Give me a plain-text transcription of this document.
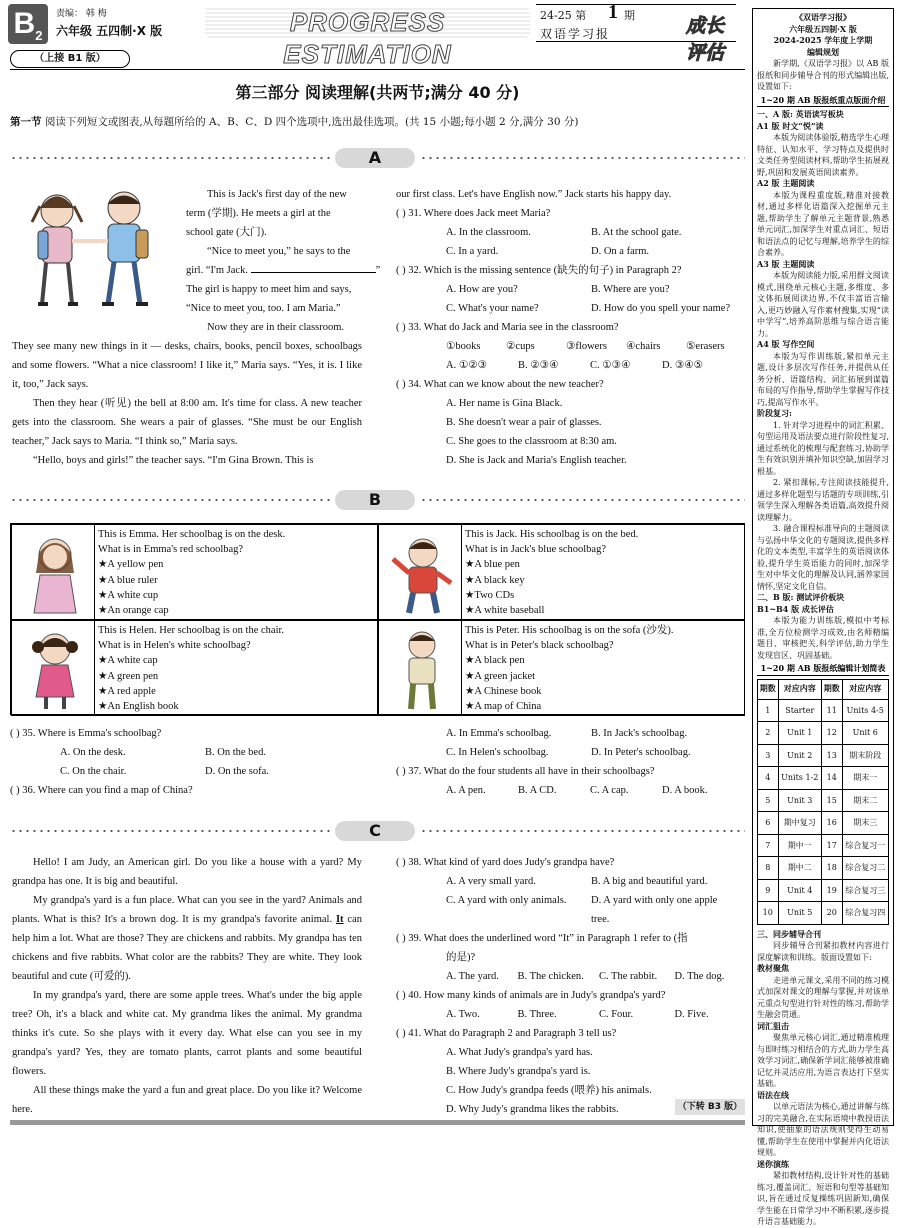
$B_2$
责编： 韩 梅
六年级 五四制·X 版	PROGRESS ESTIMATION
24-25 第 1 期
双语学习报	成长评估
（上接 B1 版）
第三部分 阅读理解(共两节;满分 40 分)
第一节 阅读下列短文或图表,从每题所给的 A、B、C、D 四个选项中,选出最佳选项。(共 15 小题;每小题 2 分,满分 30 分)
A
This is Jack's first day of the new
term (学期). He meets a girl at the
school gate (大门).
“Nice to meet you,” he says to the
girl. “I'm Jack.	”
The girl is happy to meet him and says,
“Nice to meet you, too. I am Maria.”
Now they are in their classroom.

They see many new things in it — desks, chairs, books, pencil boxes, schoolbags and some flowers. “What a nice classroom! I like it,” Maria says. “Yes, it is. I like it, too,” Jack says.

Then they hear (听见) the bell at 8:00 am. It's time for class. A new teacher gets into the classroom. She wears a pair of glasses. “She must be our English teacher,” Jack says to Maria. “I think so,” Maria says.

“Hello, boys and girls!” the teacher says. “I'm Gina Brown. This is

our first class. Let's have English now.” Jack starts his happy day.
( ) 31. Where does Jack meet Maria?
A. In the classroom.	B. At the school gate.
C. In a yard.	D. On a farm.
( ) 32. Which is the missing sentence (缺失的句子) in Paragraph 2?
A. How are you?	B. Where are you?
C. What's your name?	D. How do you spell your name?
( ) 33. What do Jack and Maria see in the classroom?
①books	②cups	③flowers	④chairs	⑤erasers
A. ①②③	B. ②③④	C. ①③④	D. ③④⑤
( ) 34. What can we know about the new teacher?
A. Her name is Gina Black.
B. She doesn't wear a pair of glasses.
C. She goes to the classroom at 8:30 am.
D. She is Jack and Maria's English teacher.
B
This is Emma. Her schoolbag is on the desk.
What is in Emma's red schoolbag?
★A yellow pen
★A blue ruler
★A white cup
★An orange cap
This is Jack. His schoolbag is on the bed.
What is in Jack's blue schoolbag?
★A blue pen
★A black key
★Two CDs
★A white baseball
This is Helen. Her schoolbag is on the chair.
What is in Helen's white schoolbag?
★A white cap
★A green pen
★A red apple
★An English book
This is Peter. His schoolbag is on the sofa (沙发).
What is in Peter's black schoolbag?
★A black pen
★A green jacket
★A Chinese book
★A map of China
( ) 35. Where is Emma's schoolbag?
A. On the desk.	B. On the bed.
C. On the chair.	D. On the sofa.
( ) 36. Where can you find a map of China?
A. In Emma's schoolbag.	B. In Jack's schoolbag.
C. In Helen's schoolbag.	D. In Peter's schoolbag.
( ) 37. What do the four students all have in their schoolbags?
A. A pen.	B. A CD.	C. A cap.	D. A book.
C

Hello! I am Judy, an American girl. Do you like a house with a yard? My grandpa has one. It is big and beautiful.

My grandpa's yard is a fun place. What can you see in the yard? Animals and plants. What is this? It's a brown dog. It is my grandpa's favorite animal. It can help him a lot. What are those? They are chickens and rabbits. My grandpa has ten chickens and five rabbits. What color are the rabbits? They are white. They look beautiful and cute (可爱的).

In my grandpa's yard, there are some apple trees. What's under the big apple tree? Oh, it's a black and white cat. My grandma likes the animal. My grandma thinks it's cute. So she plays with it every day. What else can you see in my grandpa's yard? Yes, they are tomato plants, carrot plants and some beautiful flowers.

All these things make the yard a fun and great place. Do you like it? Welcome here.

( ) 38. What kind of yard does Judy's grandpa have?
A. A very small yard.	B. A big and beautiful yard.
C. A yard with only animals.	D. A yard with only one apple tree.
( ) 39. What does the underlined word “It” in Paragraph 1 refer to (指
的是)?
A. The yard.	B. The chicken.	C. The rabbit.	D. The dog.
( ) 40. How many kinds of animals are in Judy's grandpa's yard?
A. Two.	B. Three.	C. Four.	D. Five.
( ) 41. What do Paragraph 2 and Paragraph 3 tell us?
A. What Judy's grandpa's yard has.
B. Where Judy's grandpa's yard is.
C. How Judy's grandpa feeds (喂养) his animals.
D. Why Judy's grandma likes the rabbits.	（下转 B3 版）
《双语学习报》
六年级五四制·X 版
2024-2025 学年度上学期
编辑规划
新学期,《双语学习报》以 AB 版报纸和同步辅导合刊的形式编辑出版,设置如下:
1~20 期 AB 版报纸重点版面介绍
一、A 版: 英语读写板块
A1 版 时文“悦”读
本版为阅读体验版,精选学生心理特征、认知水平、学习特点及提供时文类任务型阅读材料,帮助学生拓展视野,巩固和发展英语阅读素养。
A2 版 主题阅读
本版为课程重度版,精准对接教材,通过多样化语篇深入挖掘单元主题,帮助学生了解单元主题背景,熟悉单元词汇,加深学生对重点词汇、短语和语法点的记忆与理解,培养学生的综合素养。
A3 版 主题阅读
本版为阅读能力版,采用群文阅读模式,围绕单元核心主题,多维度、多文体拓展阅读边界,不仅丰富语言输入,更巧妙融入写作素材搜集,实现“读中学写”,培养高阶思维与综合语言能力。
A4 版 写作空间
本版为写作训练版,紧扣单元主题,设计多层次写作任务,并提供从任务分析、语篇结构、词汇拓展到谋篇布局的写作指导,帮助学生掌握写作技巧,提高写作水平。
阶段复习:
1. 针对学习进程中的词汇积累、句型运用及语法要点进行阶段性复习,通过系统化的梳理与配套练习,协助学生有效识别并填补知识空缺,加固学习根基。
2. 紧扣课标,专注阅读技能提升,通过多样化题型与话题的专项训练,引领学生深入理解各类语篇,高效提升阅读理解力。
3. 融合课程标准导向的主题阅读与弘扬中华文化的专题阅读,提供多样化的文本类型,丰富学生的英语阅读体验,提升学生英语能力的同时,加深学生对中华文化的理解及认同,涵养家国情怀,坚定文化自信。
二、B 版: 测试评价板块
B1~B4 版 成长评估
本版为能力训练版,模拟中考标准,全方位检测学习成效,由名师精编题目、审核把关,科学评估,助力学生发现盲区、巩固基础。
1~20 期 AB 版报纸编辑计划简表
期数	对应内容	期数	对应内容
1	Starter	11	Units 4-5
2	Unit 1	12	Unit 6
3	Unit 2	13	期末阶段
4	Units 1-2	14	期末一
5	Unit 3	15	期末二
6	期中复习	16	期末三
7	期中一	17	综合复习一
8	期中二	18	综合复习二
9	Unit 4	19	综合复习三
10	Unit 5	20	综合复习四
三、同步辅导合刊
同步辅导合刊紧扣教材内容进行深度解读和训练。版面设置如下:
教材聚焦
走进单元课文,采用不同的练习模式加深对课文的理解与掌握,并对该单元重点句型进行针对性的练习,帮助学生融会贯通。
词汇狙击
聚焦单元核心词汇,通过精准梳理与即时练习相结合的方式,助力学生高效学习词汇,确保新学词汇能够被准确记忆并灵活应用,为语言表达打下坚实基础。
语法在线
以单元语法为核心,通过讲解与练习的完美融合,在实际语境中教授语法知识,使抽象的语法规则变得生动易懂,帮助学生在使用中掌握并内化语法规则。
迷你演练
紧扣教材结构,设计针对性的基础练习,覆盖词汇、短语和句型等基础知识,旨在通过反复操练巩固新知,确保学生能在日常学习中不断积累,逐步提升语言基础能力。
